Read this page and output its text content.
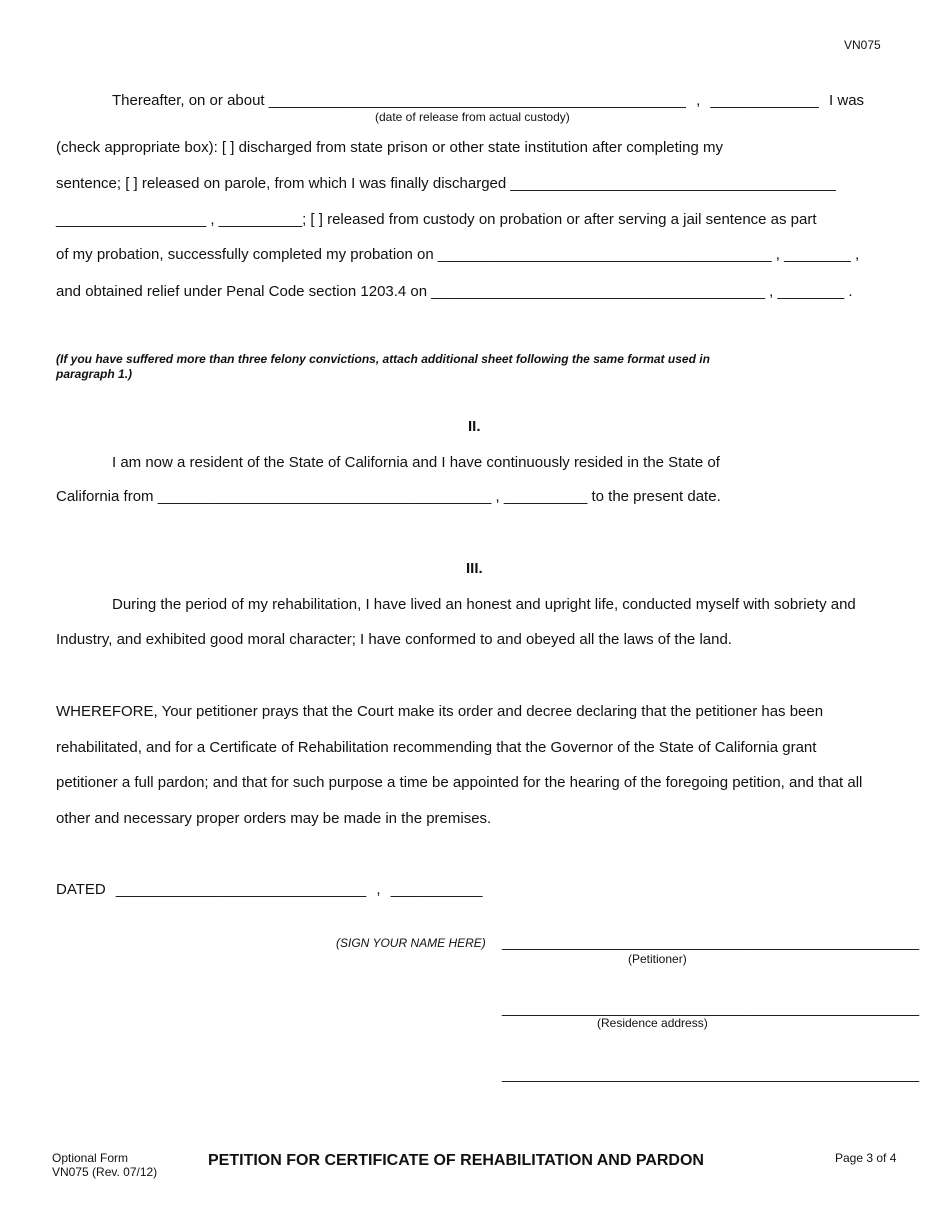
VN075
Thereafter, on or about __________________________________________________ , _____________ I was
(date of release from actual custody)
(check appropriate box): [ ] discharged from state prison or other state institution after completing my
sentence; [ ] released on parole, from which I was finally discharged _______________________________________
__________________ , __________; [ ] released from custody on probation or after serving a jail sentence as part
of my probation, successfully completed my probation on ________________________________________ , ________ ,
and obtained relief under Penal Code section 1203.4 on ________________________________________ , ________ .
(If you have suffered more than three felony convictions, attach additional sheet following the same format used in paragraph 1.)
II.
I am now a resident of the State of California and I have continuously resided in the State of
California from ________________________________________ , __________ to the present date.
III.
During the period of my rehabilitation, I have lived an honest and upright life, conducted myself with sobriety and
Industry, and exhibited good moral character; I have conformed to and obeyed all the laws of the land.
WHEREFORE, Your petitioner prays that the Court make its order and decree declaring that the petitioner has been
rehabilitated, and for a Certificate of Rehabilitation recommending that the Governor of the State of California grant
petitioner a full pardon; and that for such purpose a time be appointed for the hearing of the foregoing petition, and that all
other and necessary proper orders may be made in the premises.
DATED ______________________________ , ___________
(SIGN YOUR NAME HERE) __________________________________________________
(Petitioner)
__________________________________________________
(Residence address)
__________________________________________________
Optional Form
VN075 (Rev. 07/12)
PETITION FOR CERTIFICATE OF REHABILITATION AND PARDON	Page 3 of 4
